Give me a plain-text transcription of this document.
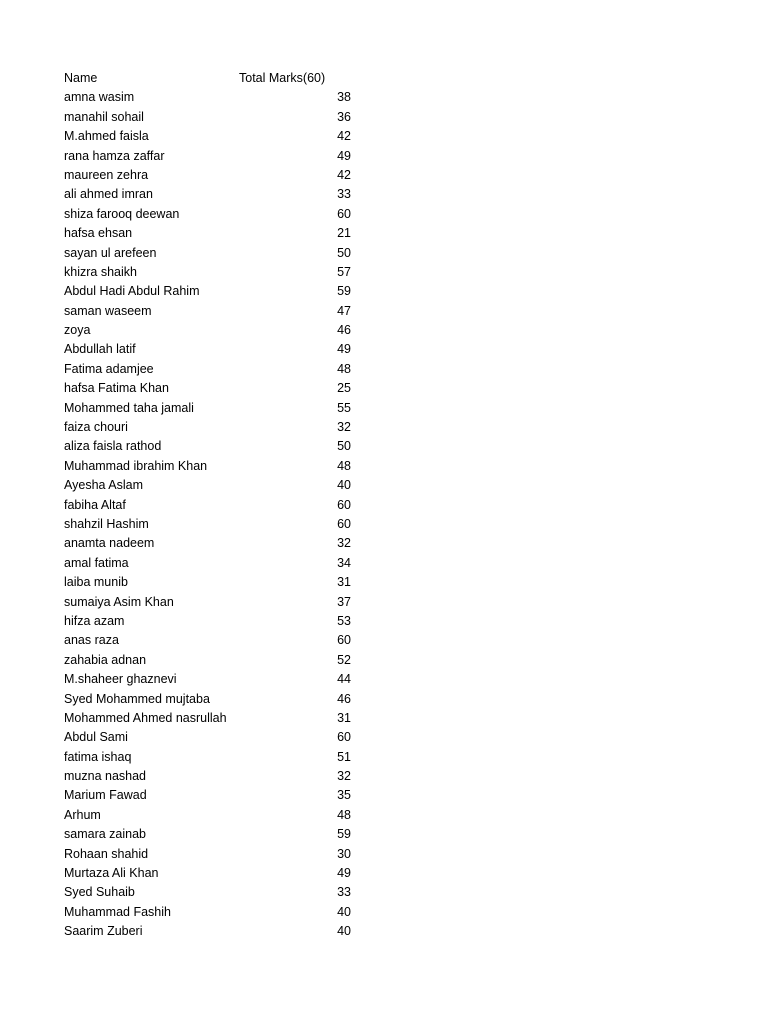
Name	Total Marks(60)
amna wasim	38
manahil sohail	36
M.ahmed faisla	42
rana hamza zaffar	49
maureen zehra	42
ali ahmed imran	33
shiza farooq deewan	60
hafsa ehsan	21
sayan ul arefeen	50
khizra shaikh	57
Abdul Hadi Abdul Rahim	59
saman waseem	47
zoya	46
Abdullah latif	49
Fatima adamjee	48
hafsa Fatima Khan	25
Mohammed taha jamali	55
faiza chouri	32
aliza faisla rathod	50
Muhammad ibrahim Khan	48
Ayesha Aslam	40
fabiha Altaf	60
shahzil Hashim	60
anamta nadeem	32
amal fatima	34
laiba munib	31
sumaiya Asim Khan	37
hifza azam	53
anas raza	60
zahabia adnan	52
M.shaheer ghaznevi	44
Syed Mohammed mujtaba	46
Mohammed Ahmed nasrullah	31
Abdul Sami	60
fatima ishaq	51
muzna nashad	32
Marium Fawad	35
Arhum	48
samara zainab	59
Rohaan shahid	30
Murtaza Ali Khan	49
Syed Suhaib	33
Muhammad Fashih	40
Saarim Zuberi	40
